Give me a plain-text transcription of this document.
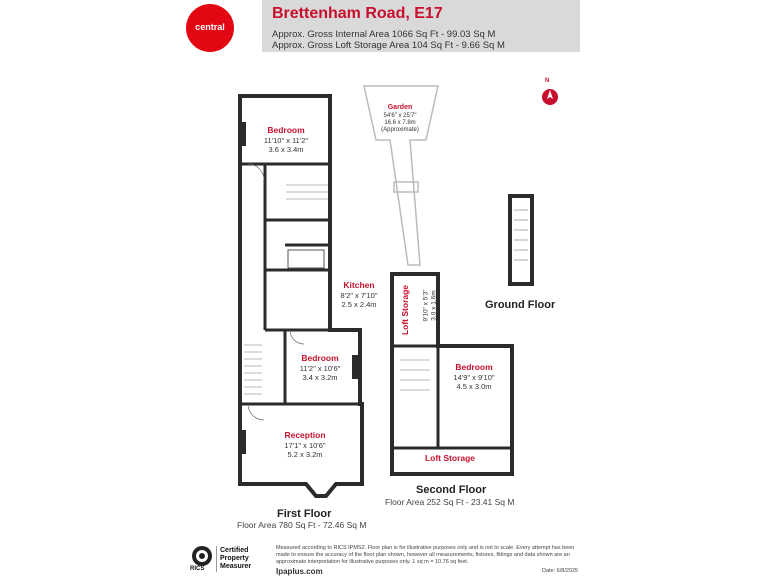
Brettenham Road, E17
Approx. Gross Internal Area 1066 Sq Ft - 99.03 Sq M
Approx. Gross Loft Storage Area 104 Sq Ft - 9.66 Sq M
central
N
Bedroom
11'10" x 11'2"
3.6 x 3.4m
Kitchen
8'2" x 7'10"
2.5 x 2.4m
Bedroom
11'2" x 10'6"
3.4 x 3.2m
Reception
17'1" x 10'6"
5.2 x 3.2m
First Floor
Floor Area 780 Sq Ft - 72.46 Sq M
Garden
54'6" x 25'7"
16.6 x 7.8m
(Approximate)
Ground Floor
Loft Storage 9'10" x 5'3" 3.0 x 1.6m
Bedroom
14'9" x 9'10"
4.5 x 3.0m
Loft Storage
Second Floor
Floor Area 252 Sq Ft - 23.41 Sq M
RICS
Certified
Property
Measurer
Measured according to RICS IPMS2. Floor plan is for illustrative purposes only and is not to scale. Every attempt has been made to ensure the accuracy of the floor plan shown, however all measurements, fixtures, fittings and data shown are an approximate interpretation for illustrative purposes only. 1 sq m = 10.76 sq feet.
Ipaplus.com	Date: 6/8/2025
